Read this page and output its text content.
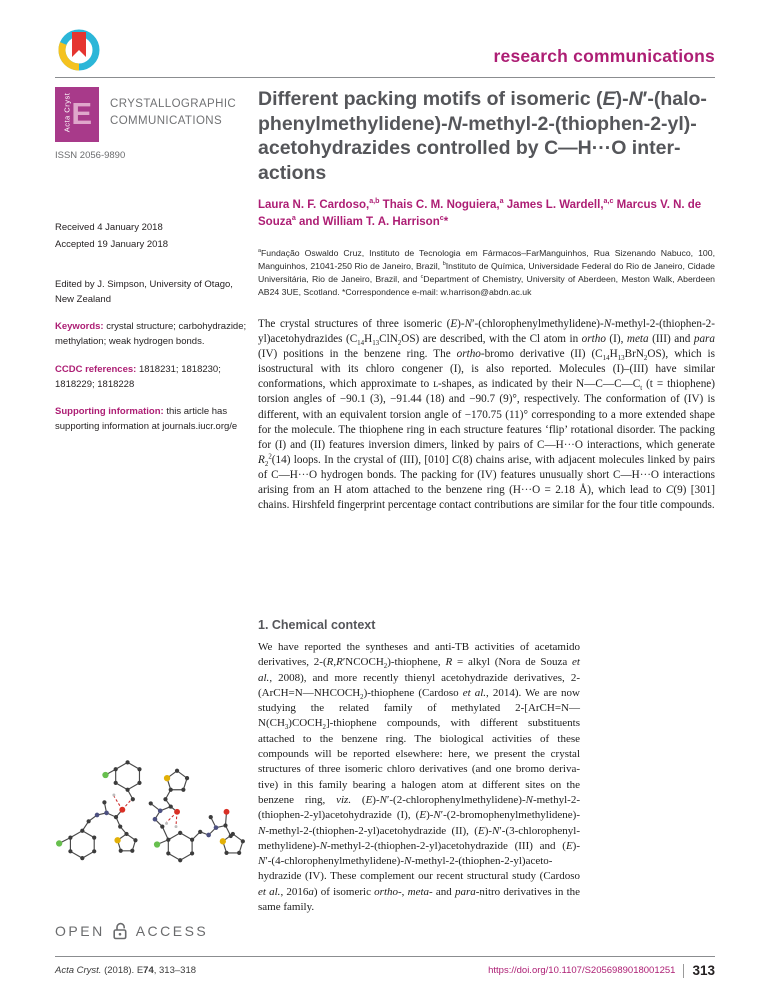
research communications
Acta Cryst E CRYSTALLOGRAPHIC
COMMUNICATIONS
ISSN 2056-9890
Received 4 January 2018
Accepted 19 January 2018
Edited by J. Simpson, University of Otago, New Zealand
Keywords: crystal structure; carbohydrazide; methylation; weak hydrogen bonds.
CCDC references: 1818231; 1818230; 1818229; 1818228
Supporting information: this article has supporting information at journals.iucr.org/e
OPEN ACCESS
Different packing motifs of isomeric (E)-N′-(halo-
phenylmethylidene)-N-methyl-2-(thiophen-2-yl)-
acetohydrazides controlled by C—H···O inter-
actions
Laura N. F. Cardoso,$^{a,b}$ Thais C. M. Noguiera,$^a$ James L. Wardell,$^{a,c}$ Marcus V. N. de Souza$^a$ and William T. A. Harrison$^c$*
$^a$Fundação Oswaldo Cruz, Instituto de Tecnologia em Fármacos–FarManguinhos, Rua Sizenando Nabuco, 100, Manguinhos, 21041-250 Rio de Janeiro, Brazil, $^b$Instituto de Química, Universidade Federal do Rio de Janeiro, Cidade Universitária, Rio de Janeiro, Brazil, and $^c$Department of Chemistry, University of Aberdeen, Meston Walk, Aberdeen AB24 3UE, Scotland. *Correspondence e-mail: w.harrison@abdn.ac.uk
The crystal structures of three isomeric (E)-N′-(chlorophenylmethylidene)-N-methyl-2-(thiophen-2-yl)acetohydrazides $(C_{14}H_{13}ClN_2OS)$ are described, with the Cl atom in ortho (I), meta (III) and para (IV) positions in the benzene ring. The ortho-bromo derivative (II) $(C_{14}H_{13}BrN_2OS)$, which is isostructural with its chloro congener (I), is also reported. Molecules (I)–(III) have similar conformations, which approximate to ʟ-shapes, as indicated by their $N—C—C—C_t$ (t = thiophene) torsion angles of −90.1 (3), −91.44 (18) and −90.7 (9)°, respectively. The conformation of (IV) is different, with an equivalent torsion angle of −170.75 (11)° corresponding to a more extended shape for the molecule. The thiophene ring in each structure features ‘flip’ rotational disorder. The packing for (I) and (II) features inversion dimers, linked by pairs of C—H···O interactions, which generate $R_2^2(14)$ loops. In the crystal of (III), [010] C(8) chains arise, with adjacent molecules linked by pairs of C—H···O hydrogen bonds. The packing for (IV) features unusually short C—H···O interactions arising from an H atom attached to the benzene ring (H···O = 2.18 Å), which lead to C(9) [301] chains. Hirshfeld fingerprint percentage contact contributions are similar for the four title compounds.
1. Chemical context
We have reported the syntheses and anti-TB activities of acetamido derivatives, $2-(R,R'NCOCH_2)$-thiophene, R = alkyl (Nora de Souza et al., 2008), and more recently thienyl acetohydrazide derivatives, $2-(ArCH=N—NHCOCH_2)$-thiophene (Cardoso et al., 2014). We are now studying the related family of methylated $2-[ArCH=N—N(CH_3)COCH_2]$-thiophene compounds, with different substituents attached to the benzene ring. The biological activities of these compounds will be reported elsewhere: here, we present the crystal structures of three isomeric chloro derivatives (and one bromo derivative) in this family bearing a halogen atom at different sites on the benzene ring, viz. (E)-N′-(2-chlorophenylmethylidene)-N-methyl-2-(thiophen-2-yl)acetohydrazide (I), (E)-N′-(2-bromophenylmethylidene)-N-methyl-2-(thiophen-2-yl)acetohydrazide (II), (E)-N′-(3-chlorophenylmethylidene)-N-methyl-2-(thiophen-2-yl)acetohydrazide (III) and (E)-N′-(4-chlorophenylmethylidene)-N-methyl-2-(thiophen-2-yl)acetohydrazide (IV). These complement our recent structural study (Cardoso et al., 2016a) of isomeric ortho-, meta- and para-nitro derivatives in the same family.
Acta Cryst. (2018). E74, 313–318	https://doi.org/10.1107/S2056989018001251 313
